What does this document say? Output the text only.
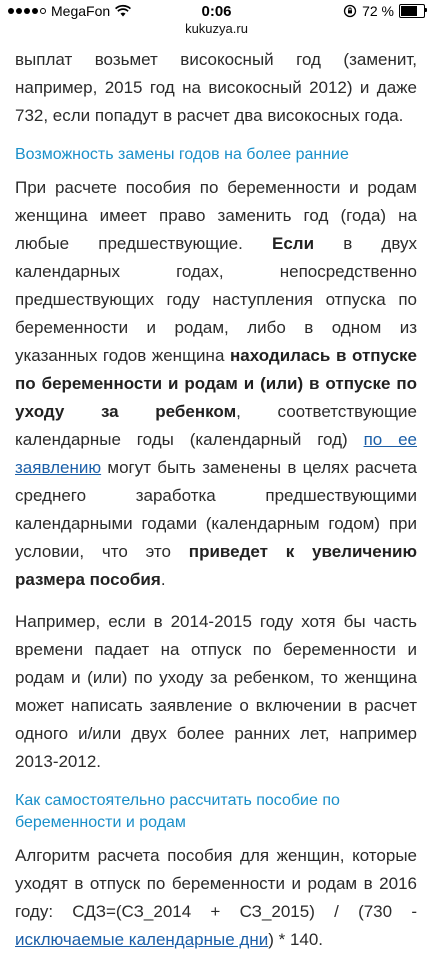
MegaFon	0:06	72 %
kukuzya.ru

выплат возьмет високосный год (заменит, например, 2015 год на високосный 2012) и даже 732, если попадут в расчет два високосных года.

Возможность замены годов на более ранние

При расчете пособия по беременности и родам женщина имеет право заменить год (года) на любые предшествующие. Если в двух календарных годах, непосредственно предшествующих году наступления отпуска по беременности и родам, либо в одном из указанных годов женщина находилась в отпуске по беременности и родам и (или) в отпуске по уходу за ребенком, соответствующие календарные годы (календарный год) по ее заявлению могут быть заменены в целях расчета среднего заработка предшествующими календарными годами (календарным годом) при условии, что это приведет к увеличению размера пособия.

Например, если в 2014-2015 году хотя бы часть времени падает на отпуск по беременности и родам и (или) по уходу за ребенком, то женщина может написать заявление о включении в расчет одного и/или двух более ранних лет, например 2013-2012.

Как самостоятельно рассчитать пособие по беременности и родам

Алгоритм расчета пособия для женщин, которые уходят в отпуск по беременности и родам в 2016 году: СДЗ=(СЗ_2014 + СЗ_2015) / (730 - исключаемые календарные дни) * 140.
